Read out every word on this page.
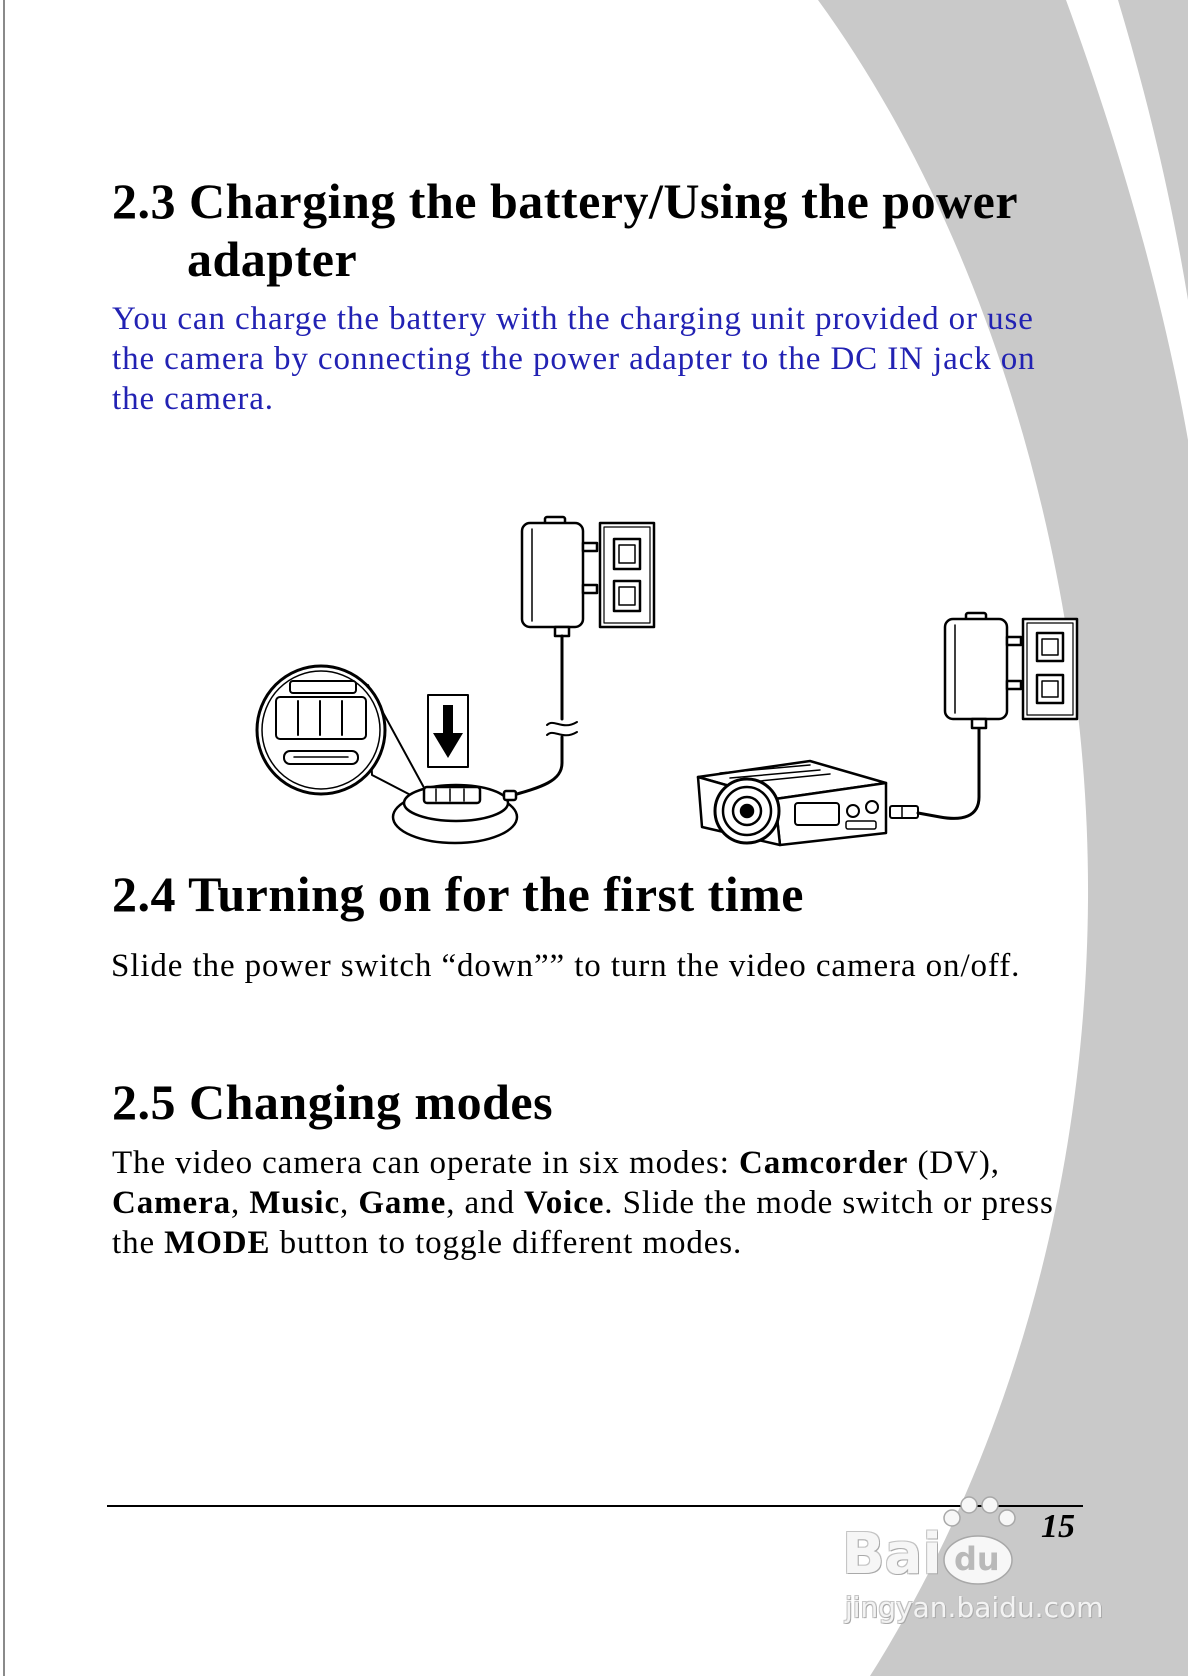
2.3 Charging the battery/Using the power adapter
You can charge the battery with the charging unit provided or use
the camera by connecting the power adapter to the DC IN jack on
the camera.
2.4 Turning on for the first time
Slide the power switch “down”” to turn the video camera on/off.
2.5 Changing modes
The video camera can operate in six modes: Camcorder (DV),
Camera, Music, Game, and Voice. Slide the mode switch or press
the MODE button to toggle different modes.
15
Bai du
jingyan.baidu.com
